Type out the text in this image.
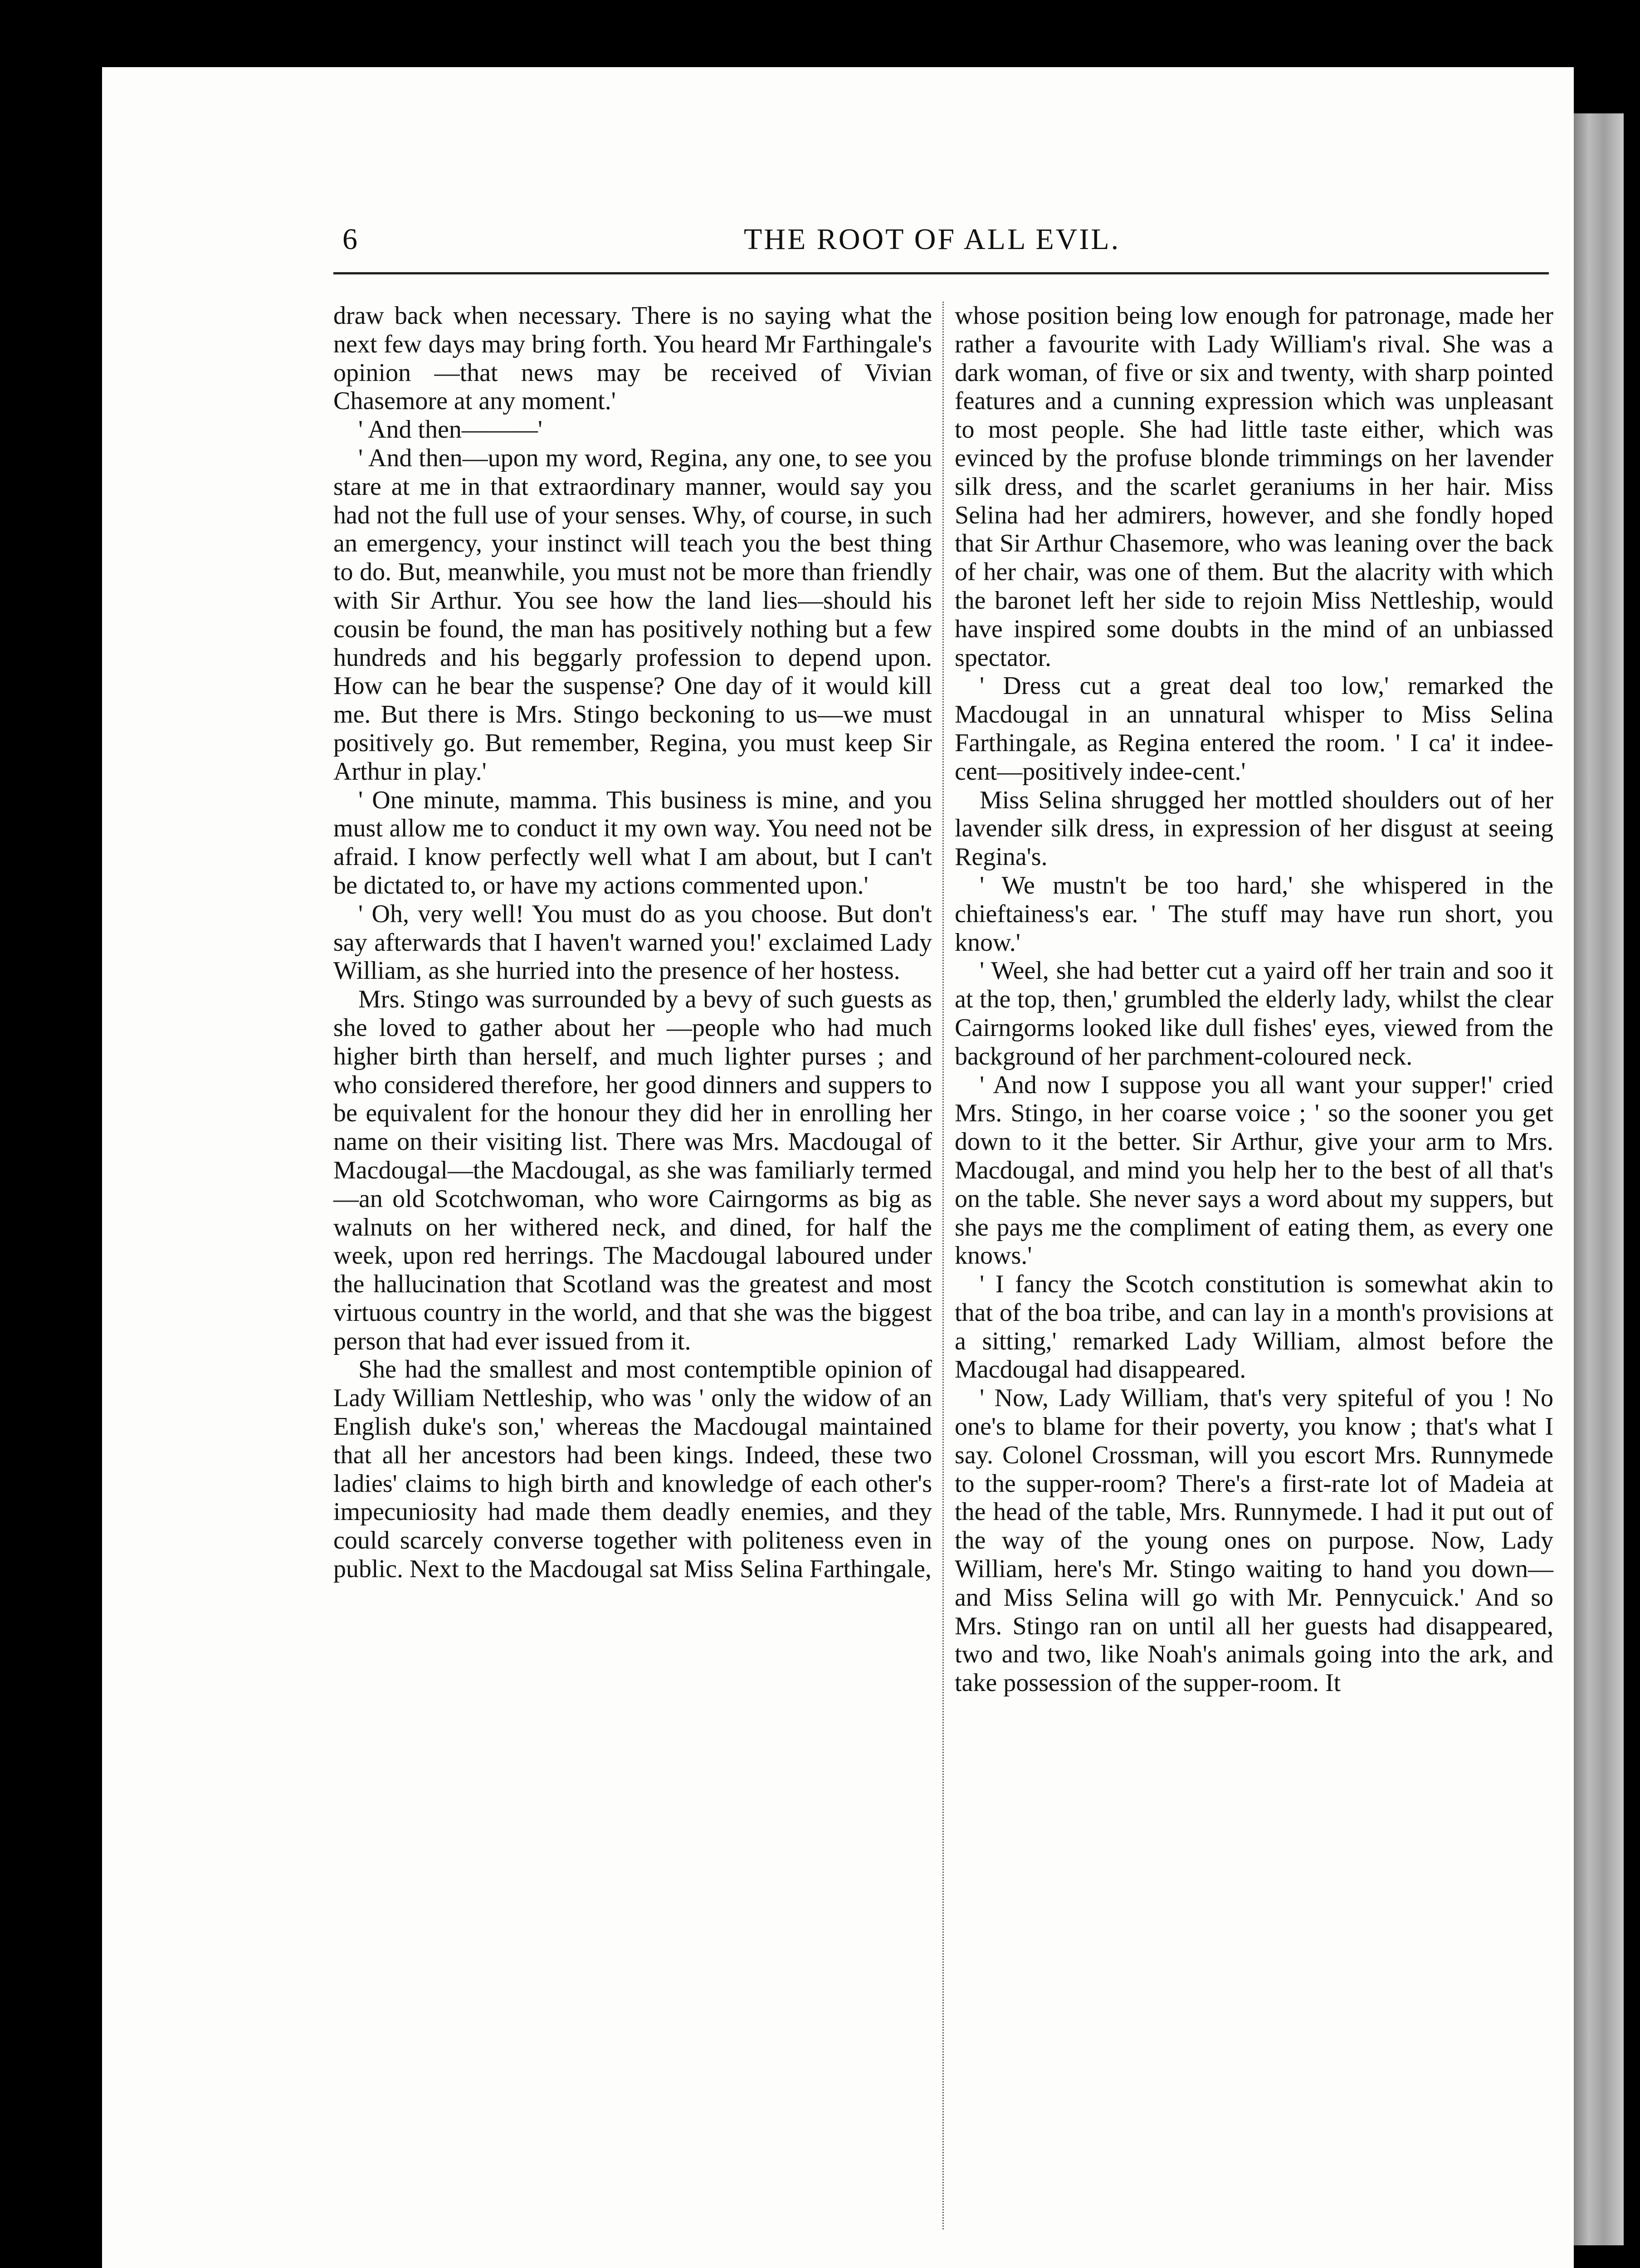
6	THE ROOT OF ALL EVIL.

draw back when necessary. There is no saying what the next few days may bring forth. You heard Mr Farthingale's opinion —that news may be received of Vivian Chasemore at any moment.'

' And then———'

' And then—upon my word, Regina, any one, to see you stare at me in that extraordinary manner, would say you had not the full use of your senses. Why, of course, in such an emergency, your instinct will teach you the best thing to do. But, meanwhile, you must not be more than friendly with Sir Arthur. You see how the land lies—should his cousin be found, the man has positively nothing but a few hundreds and his beggarly profession to depend upon. How can he bear the suspense? One day of it would kill me. But there is Mrs. Stingo beckoning to us—we must positively go. But remember, Regina, you must keep Sir Arthur in play.'

' One minute, mamma. This business is mine, and you must allow me to conduct it my own way. You need not be afraid. I know perfectly well what I am about, but I can't be dictated to, or have my actions commented upon.'

' Oh, very well! You must do as you choose. But don't say afterwards that I haven't warned you!' exclaimed Lady William, as she hurried into the presence of her hostess.

Mrs. Stingo was surrounded by a bevy of such guests as she loved to gather about her —people who had much higher birth than herself, and much lighter purses ; and who considered therefore, her good dinners and suppers to be equivalent for the honour they did her in enrolling her name on their visiting list. There was Mrs. Macdougal of Macdougal—the Macdougal, as she was familiarly termed—an old Scotchwoman, who wore Cairngorms as big as walnuts on her withered neck, and dined, for half the week, upon red herrings. The Macdougal laboured under the hallucination that Scotland was the greatest and most virtuous country in the world, and that she was the biggest person that had ever issued from it.

She had the smallest and most contemptible opinion of Lady William Nettleship, who was ' only the widow of an English duke's son,' whereas the Macdougal maintained that all her ancestors had been kings. Indeed, these two ladies' claims to high birth and knowledge of each other's impecuniosity had made them deadly enemies, and they could scarcely converse together with politeness even in public. Next to the Macdougal sat Miss Selina Farthingale,

whose position being low enough for patronage, made her rather a favourite with Lady William's rival. She was a dark woman, of five or six and twenty, with sharp pointed features and a cunning expression which was unpleasant to most people. She had little taste either, which was evinced by the profuse blonde trimmings on her lavender silk dress, and the scarlet geraniums in her hair. Miss Selina had her admirers, however, and she fondly hoped that Sir Arthur Chasemore, who was leaning over the back of her chair, was one of them. But the alacrity with which the baronet left her side to rejoin Miss Nettleship, would have inspired some doubts in the mind of an unbiassed spectator.

' Dress cut a great deal too low,' remarked the Macdougal in an unnatural whisper to Miss Selina Farthingale, as Regina entered the room. ' I ca' it indee-cent—positively indee-cent.'

Miss Selina shrugged her mottled shoulders out of her lavender silk dress, in expression of her disgust at seeing Regina's.

' We mustn't be too hard,' she whispered in the chieftainess's ear. ' The stuff may have run short, you know.'

' Weel, she had better cut a yaird off her train and soo it at the top, then,' grumbled the elderly lady, whilst the clear Cairngorms looked like dull fishes' eyes, viewed from the background of her parchment-coloured neck.

' And now I suppose you all want your supper!' cried Mrs. Stingo, in her coarse voice ; ' so the sooner you get down to it the better. Sir Arthur, give your arm to Mrs. Macdougal, and mind you help her to the best of all that's on the table. She never says a word about my suppers, but she pays me the compliment of eating them, as every one knows.'

' I fancy the Scotch constitution is somewhat akin to that of the boa tribe, and can lay in a month's provisions at a sitting,' remarked Lady William, almost before the Macdougal had disappeared.

' Now, Lady William, that's very spiteful of you ! No one's to blame for their poverty, you know ; that's what I say. Colonel Crossman, will you escort Mrs. Runnymede to the supper-room? There's a first-rate lot of Madeia at the head of the table, Mrs. Runnymede. I had it put out of the way of the young ones on purpose. Now, Lady William, here's Mr. Stingo waiting to hand you down—and Miss Selina will go with Mr. Pennycuick.' And so Mrs. Stingo ran on until all her guests had disappeared, two and two, like Noah's animals going into the ark, and take possession of the supper-room. It
